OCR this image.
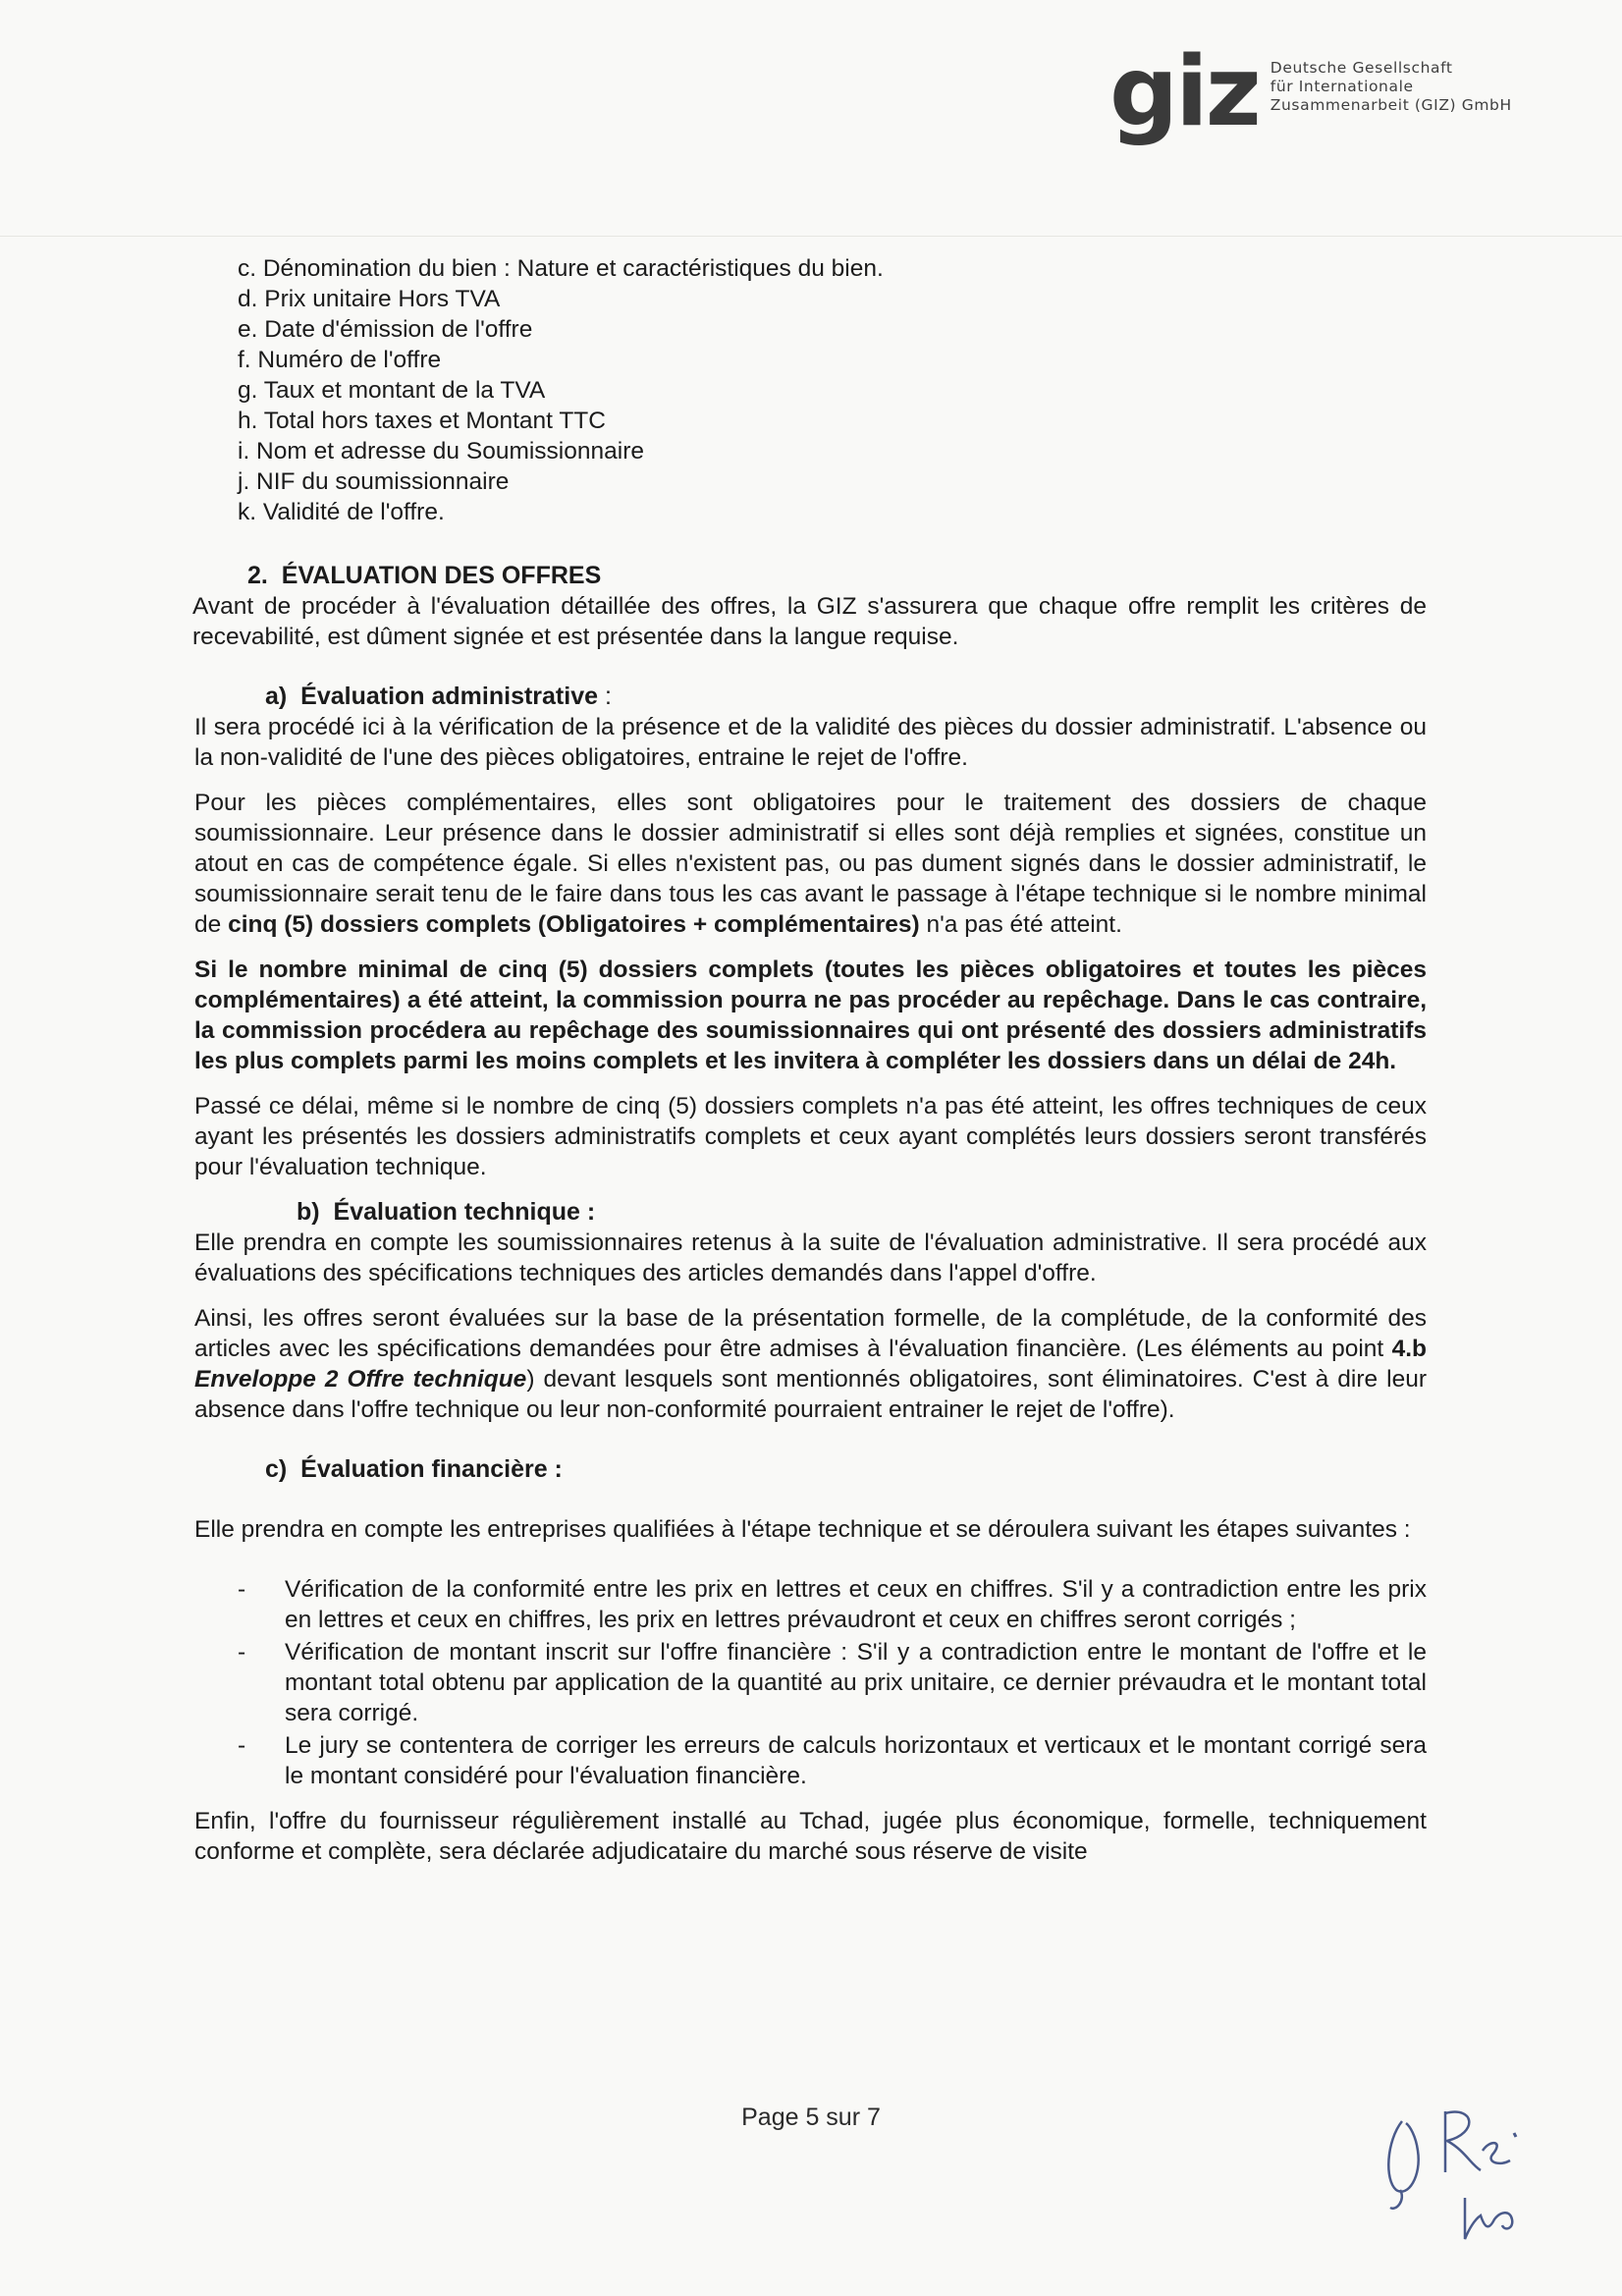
giz Deutsche Gesellschaft
für Internationale
Zusammenarbeit (GIZ) GmbH
c. Dénomination du bien : Nature et caractéristiques du bien.
d. Prix unitaire Hors TVA
e. Date d'émission de l'offre
f. Numéro de l'offre
g. Taux et montant de la TVA
h. Total hors taxes et Montant TTC
i. Nom et adresse du Soumissionnaire
j. NIF du soumissionnaire
k. Validité de l'offre.
2. ÉVALUATION DES OFFRES

Avant de procéder à l'évaluation détaillée des offres, la GIZ s'assurera que chaque offre remplit les critères de recevabilité, est dûment signée et est présentée dans la langue requise.

a) Évaluation administrative :

Il sera procédé ici à la vérification de la présence et de la validité des pièces du dossier administratif. L'absence ou la non-validité de l'une des pièces obligatoires, entraine le rejet de l'offre.

Pour les pièces complémentaires, elles sont obligatoires pour le traitement des dossiers de chaque soumissionnaire. Leur présence dans le dossier administratif si elles sont déjà remplies et signées, constitue un atout en cas de compétence égale. Si elles n'existent pas, ou pas dument signés dans le dossier administratif, le soumissionnaire serait tenu de le faire dans tous les cas avant le passage à l'étape technique si le nombre minimal de cinq (5) dossiers complets (Obligatoires + complémentaires) n'a pas été atteint.

Si le nombre minimal de cinq (5) dossiers complets (toutes les pièces obligatoires et toutes les pièces complémentaires) a été atteint, la commission pourra ne pas procéder au repêchage. Dans le cas contraire, la commission procédera au repêchage des soumissionnaires qui ont présenté des dossiers administratifs les plus complets parmi les moins complets et les invitera à compléter les dossiers dans un délai de 24h.

Passé ce délai, même si le nombre de cinq (5) dossiers complets n'a pas été atteint, les offres techniques de ceux ayant les présentés les dossiers administratifs complets et ceux ayant complétés leurs dossiers seront transférés pour l'évaluation technique.

b) Évaluation technique :

Elle prendra en compte les soumissionnaires retenus à la suite de l'évaluation administrative. Il sera procédé aux évaluations des spécifications techniques des articles demandés dans l'appel d'offre.

Ainsi, les offres seront évaluées sur la base de la présentation formelle, de la complétude, de la conformité des articles avec les spécifications demandées pour être admises à l'évaluation financière. (Les éléments au point 4.b Enveloppe 2 Offre technique) devant lesquels sont mentionnés obligatoires, sont éliminatoires. C'est à dire leur absence dans l'offre technique ou leur non-conformité pourraient entrainer le rejet de l'offre).

c) Évaluation financière :

Elle prendra en compte les entreprises qualifiées à l'étape technique et se déroulera suivant les étapes suivantes :

- Vérification de la conformité entre les prix en lettres et ceux en chiffres. S'il y a contradiction entre les prix en lettres et ceux en chiffres, les prix en lettres prévaudront et ceux en chiffres seront corrigés ;
- Vérification de montant inscrit sur l'offre financière : S'il y a contradiction entre le montant de l'offre et le montant total obtenu par application de la quantité au prix unitaire, ce dernier prévaudra et le montant total sera corrigé.
- Le jury se contentera de corriger les erreurs de calculs horizontaux et verticaux et le montant corrigé sera le montant considéré pour l'évaluation financière.

Enfin, l'offre du fournisseur régulièrement installé au Tchad, jugée plus économique, formelle, techniquement conforme et complète, sera déclarée adjudicataire du marché sous réserve de visite

Page 5 sur 7
